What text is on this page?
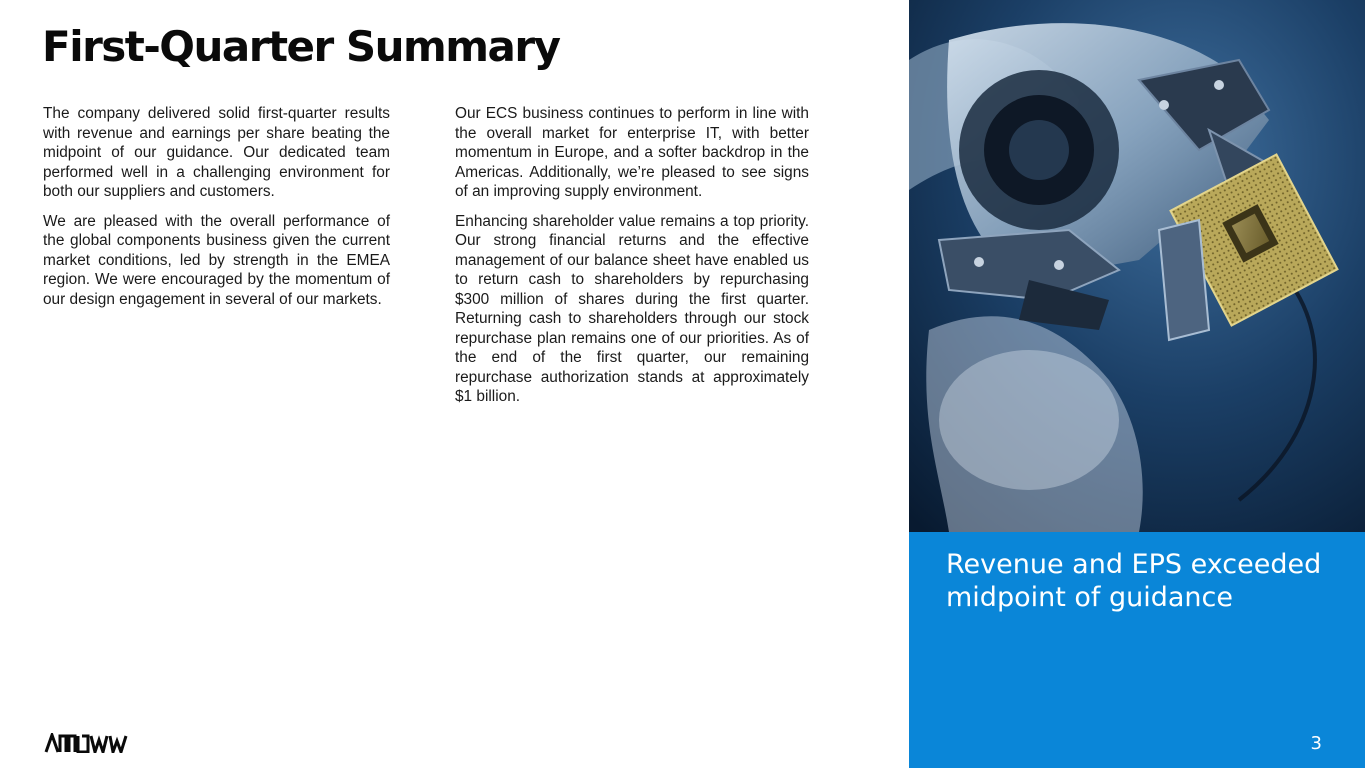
First-Quarter Summary

The company delivered solid first-quarter results with revenue and earnings per share beating the midpoint of our guidance. Our dedicated team performed well in a challenging environment for both our suppliers and customers.

We are pleased with the overall performance of the global components business given the current market conditions, led by strength in the EMEA region. We were encouraged by the momentum of our design engagement in several of our markets.

Our ECS business continues to perform in line with the overall market for enterprise IT, with better momentum in Europe, and a softer backdrop in the Americas. Additionally, we’re pleased to see signs of an improving supply environment.

Enhancing shareholder value remains a top priority. Our strong financial returns and the effective management of our balance sheet have enabled us to return cash to shareholders by repurchasing $300 million of shares during the first quarter. Returning cash to shareholders through our stock repurchase plan remains one of our priorities. As of the end of the first quarter, our remaining repurchase authorization stands at approximately $1 billion.

Revenue and EPS exceeded midpoint of guidance

3
